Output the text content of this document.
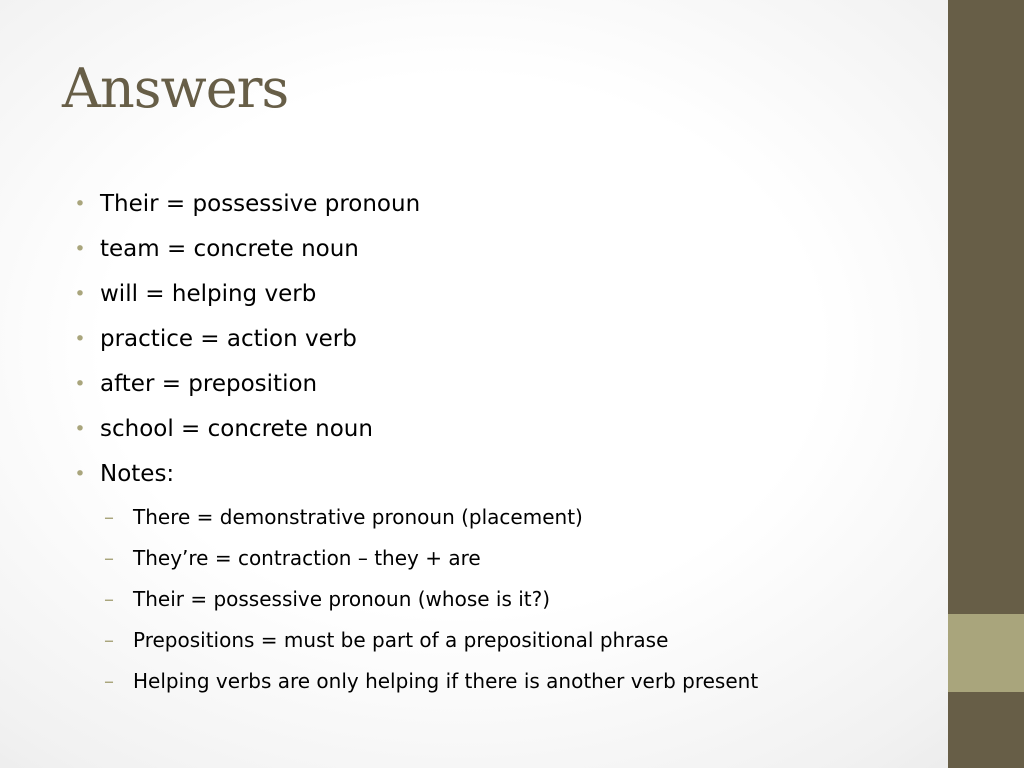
Answers
• Their = possessive pronoun
• team = concrete noun
• will = helping verb
• practice = action verb
• after = preposition
• school = concrete noun
• Notes:
– There = demonstrative pronoun (placement)
– They’re = contraction – they + are
– Their = possessive pronoun (whose is it?)
– Prepositions = must be part of a prepositional phrase
– Helping verbs are only helping if there is another verb present
